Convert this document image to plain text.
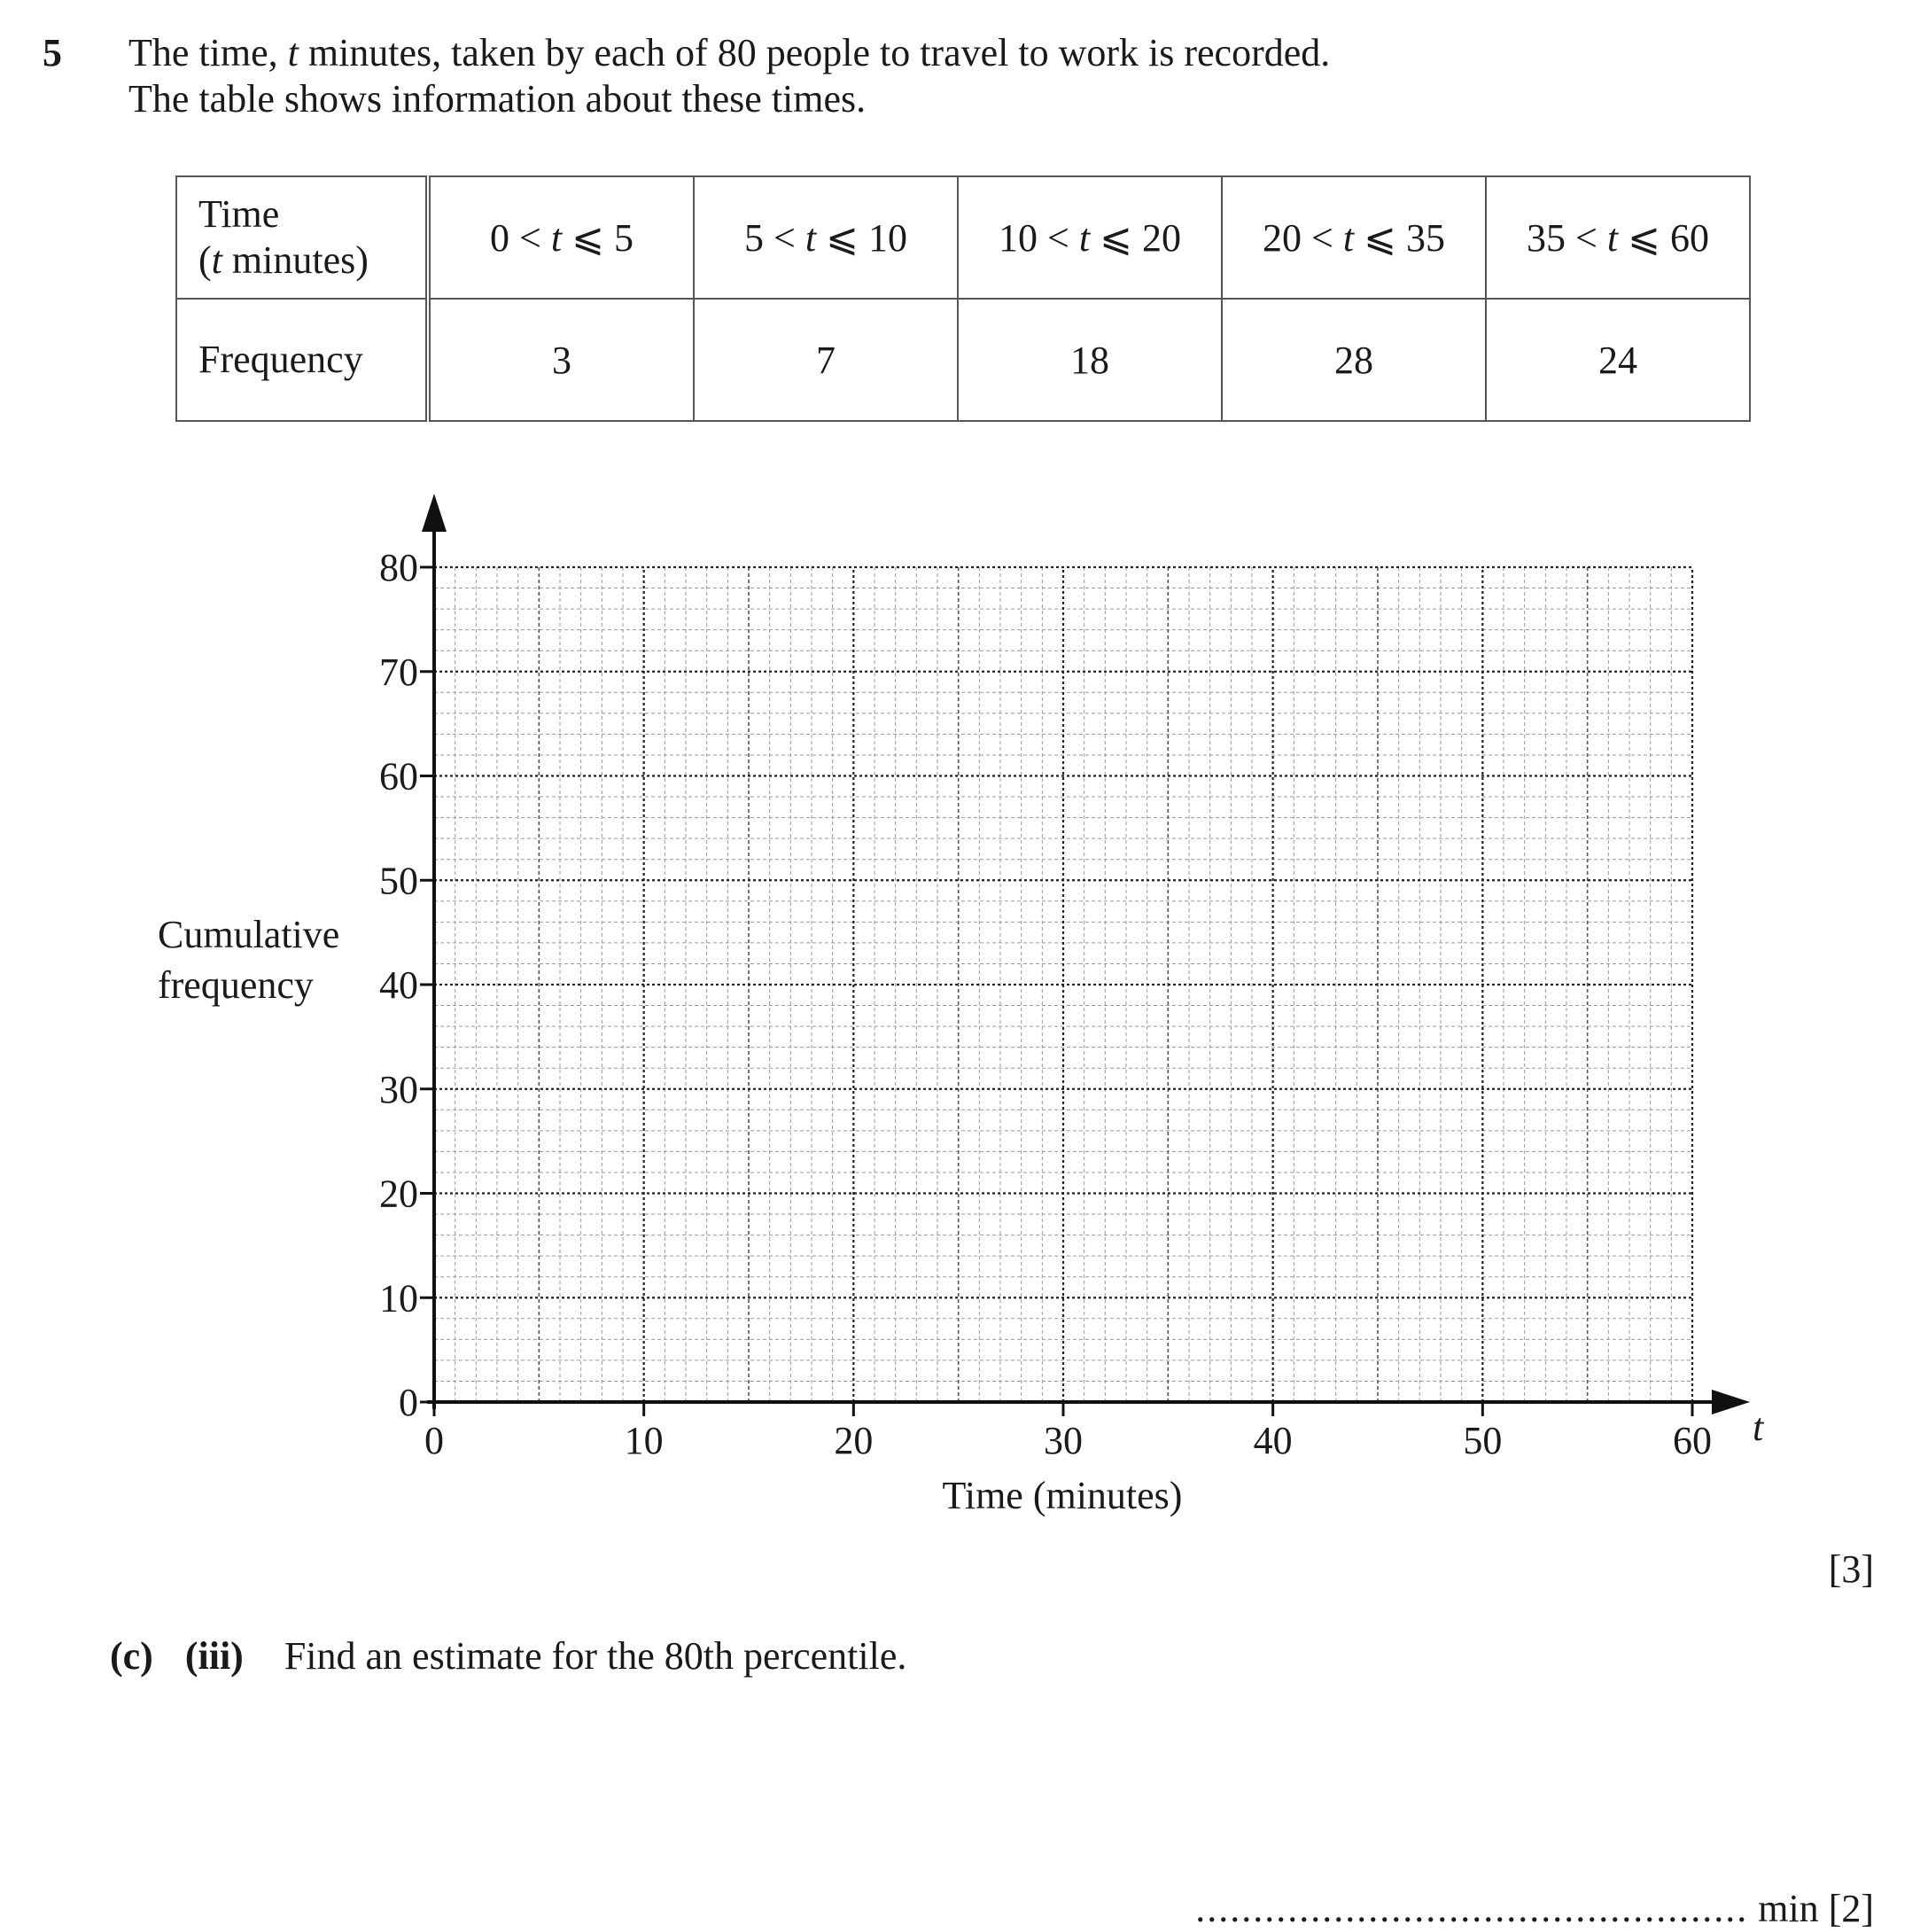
5 The time, t minutes, taken by each of 80 people to travel to work is recorded.
The table shows information about these times.
Time
(t minutes)	0 < t ⩽ 5	5 < t ⩽ 10	10 < t ⩽ 20	20 < t ⩽ 35	35 < t ⩽ 60
Frequency	3	7	18	28	24
Cumulative
frequency
0
10
20
30
40
50
60
70
80
0	10	20	30	40	50	60
Time (minutes)
t
[3]
(c) (iii) Find an estimate for the 80th percentile.
................................................ min [2]
